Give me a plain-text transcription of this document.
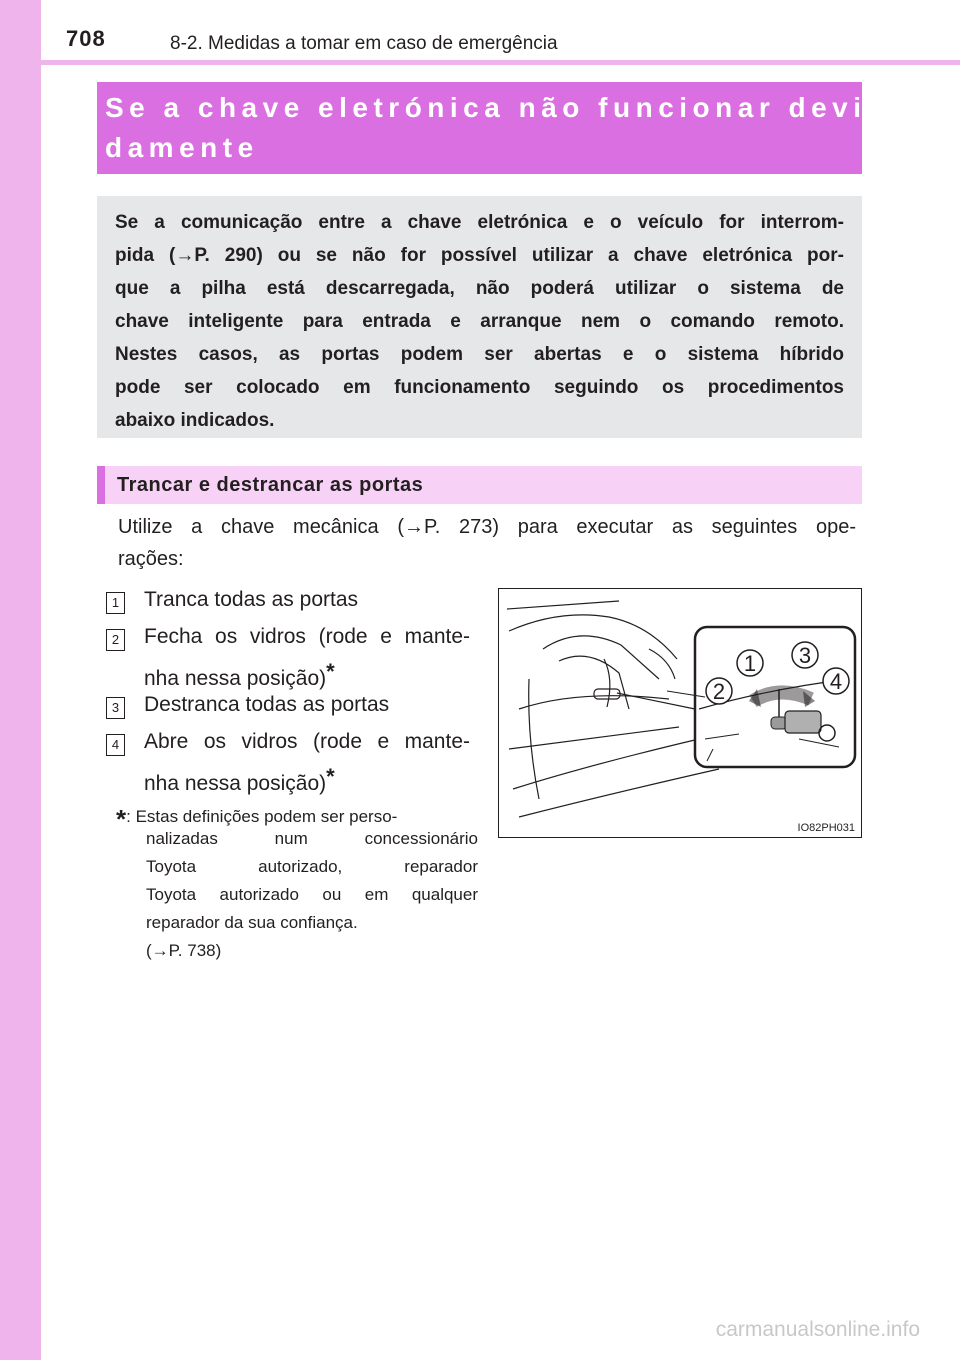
708	8-2. Medidas a tomar em caso de emergência
Se a chave eletrónica não funcionar devi-
damente
Se a comunicação entre a chave eletrónica e o veículo for interrom-
pida (→P. 290) ou se não for possível utilizar a chave eletrónica por-
que a pilha está descarregada, não poderá utilizar o sistema de
chave inteligente para entrada e arranque nem o comando remoto.
Nestes casos, as portas podem ser abertas e o sistema híbrido
pode ser colocado em funcionamento seguindo os procedimentos
abaixo indicados.
Trancar e destrancar as portas
Utilize a chave mecânica (→P. 273) para executar as seguintes ope-
rações:
1 Tranca todas as portas
2 Fecha os vidros (rode e mante-
nha nessa posição)*
3 Destranca todas as portas
4 Abre os vidros (rode e mante-
nha nessa posição)*
*: Estas definições podem ser perso-
nalizadas num concessionário
Toyota autorizado, reparador
Toyota autorizado ou em qualquer
reparador da sua confiança.
(→P. 738)
1 3
2	4
IO82PH031
carmanualsonline.info
